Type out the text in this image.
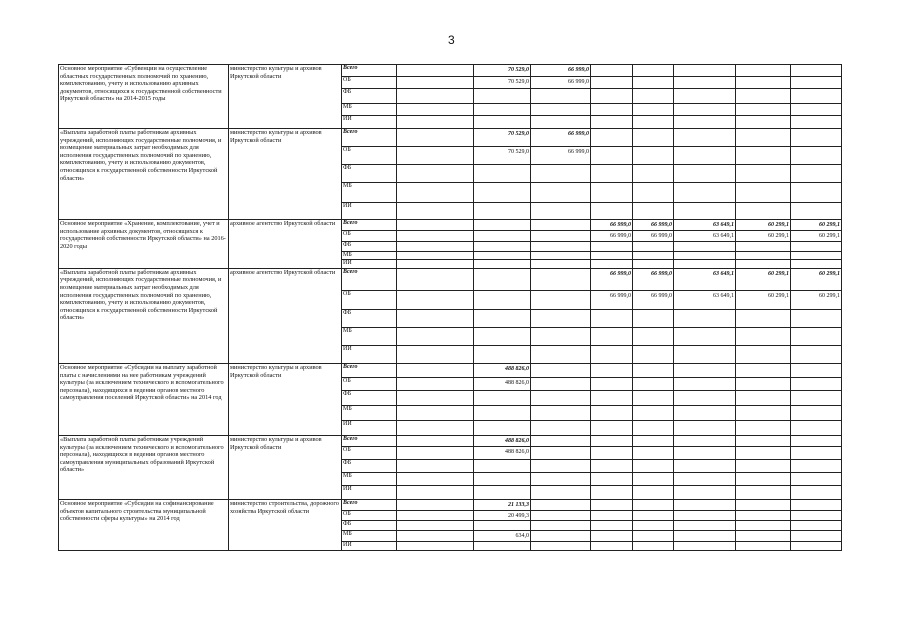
3
Основное мероприятие «Субвенции на осуществление областных государственных полномочий по хранению, комплектованию, учету и использованию архивных документов, относящихся к государственной собственности Иркутской области» на 2014-2015 годы	министерство культуры и архивов Иркутской области	Всего		70 529,0	66 999,0					
		ОБ		70 529,0	66 999,0					
		ФБ								
		МБ								
		ИИ								
«Выплата заработной платы работникам архивных учреждений, исполняющих государственные полномочия, и возмещение материальных затрат необходимых для исполнения государственных полномочий по хранению, комплектованию, учету и использованию документов, относящихся к государственной собственности Иркутской области»	министерство культуры и архивов Иркутской области	Всего		70 529,0	66 999,0					
		ОБ		70 529,0	66 999,0					
		ФБ								
		МБ								
		ИИ								
Основное мероприятие «Хранение, комплектование, учет и использование архивных документов, относящихся к государственной собственности Иркутской области» на 2016-2020 годы	архивное агентство Иркутской области	Всего				66 999,0	66 999,0	63 649,1	60 299,1	60 299,1
		ОБ				66 999,0	66 999,0	63 649,1	60 299,1	60 299,1
		ФБ								
		МБ								
		ИИ								
«Выплата заработной платы работникам архивных учреждений, исполняющих государственные полномочия, и возмещение материальных затрат необходимых для исполнения государственных полномочий по хранению, комплектованию, учету и использованию документов, относящихся к государственной собственности Иркутской области»	архивное агентство Иркутской области	Всего				66 999,0	66 999,0	63 649,1	60 299,1	60 299,1
		ОБ				66 999,0	66 999,0	63 649,1	60 299,1	60 299,1
		ФБ								
		МБ								
		ИИ								
Основное мероприятие «Субсидии на выплату заработной платы с начислениями на нее работникам учреждений культуры (за исключением технического и вспомогательного персонала), находящихся в ведении органов местного самоуправления поселений Иркутской области» на 2014 год	министерство культуры и архивов Иркутской области	Всего		488 826,0						
		ОБ		488 826,0						
		ФБ								
		МБ								
		ИИ								
«Выплата заработной платы работникам учреждений культуры (за исключением технического и вспомогательного персонала), находящихся в ведении органов местного самоуправления муниципальных образований Иркутской области»	министерство культуры и архивов Иркутской области	Всего		488 826,0						
		ОБ		488 826,0						
		ФБ								
		МБ								
		ИИ								
Основное мероприятие «Субсидии на софинансирование объектов капитального строительства муниципальной собственности сферы культуры» на 2014 год	министерство строительства, дорожного хозяйства Иркутской области	Всего		21 133,3						
		ОБ		20 499,3						
		ФБ								
		МБ		634,0						
		ИИ								
